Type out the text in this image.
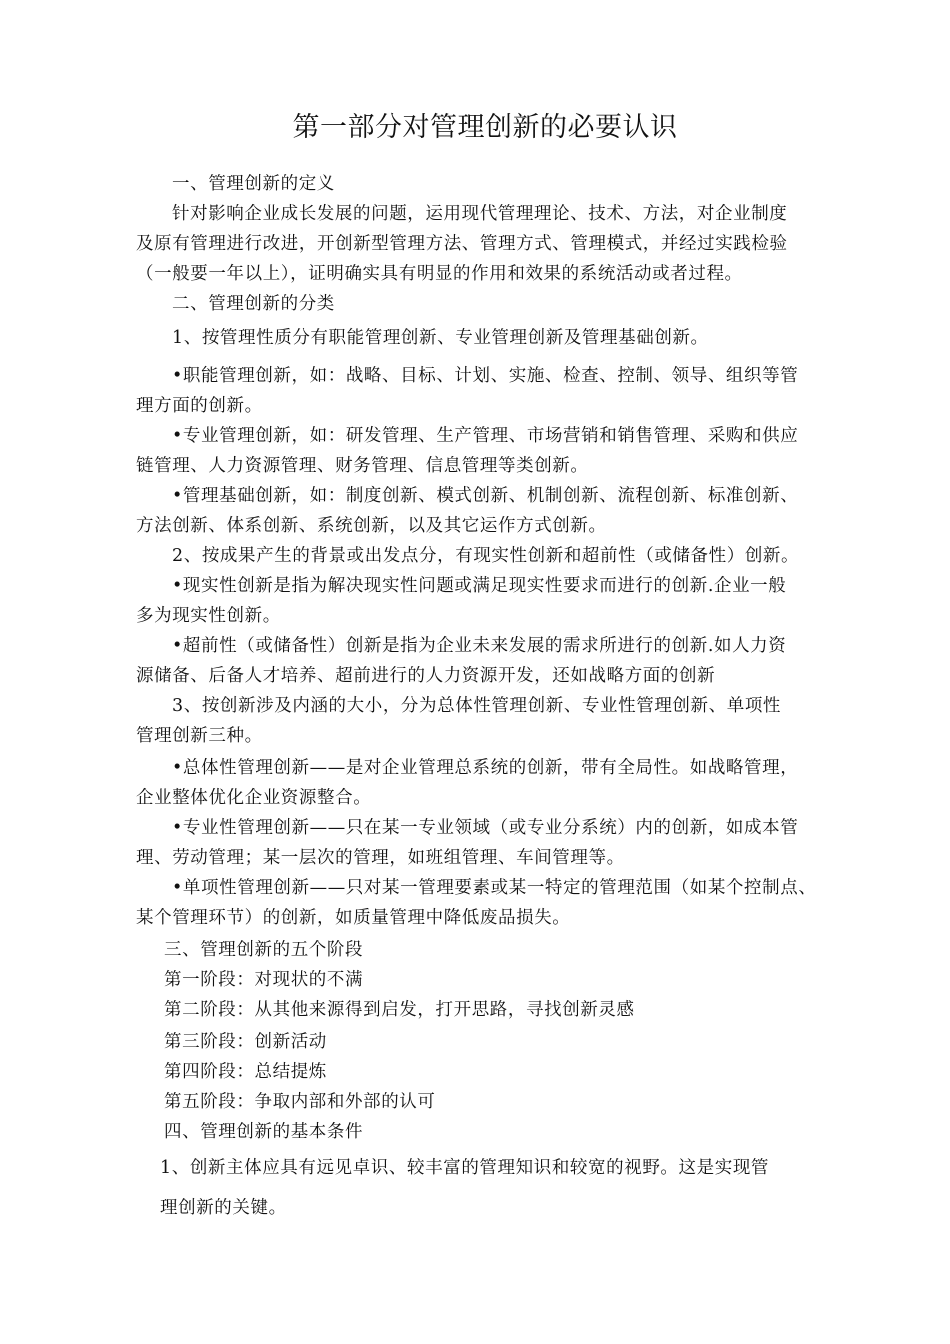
第一部分对管理创新的必要认识
一、管理创新的定义
针对影响企业成长发展的问题，运用现代管理理论、技术、方法，对企业制度
及原有管理进行改进，开创新型管理方法、管理方式、管理模式，并经过实践检验
（一般要一年以上），证明确实具有明显的作用和效果的系统活动或者过程。
二、管理创新的分类
1、按管理性质分有职能管理创新、专业管理创新及管理基础创新。
•职能管理创新，如：战略、目标、计划、实施、检查、控制、领导、组织等管
理方面的创新。
•专业管理创新，如：研发管理、生产管理、市场营销和销售管理、采购和供应
链管理、人力资源管理、财务管理、信息管理等类创新。
•管理基础创新，如：制度创新、模式创新、机制创新、流程创新、标准创新、
方法创新、体系创新、系统创新，以及其它运作方式创新。
2、按成果产生的背景或出发点分，有现实性创新和超前性（或储备性）创新。
•现实性创新是指为解决现实性问题或满足现实性要求而进行的创新.企业一般
多为现实性创新。
•超前性（或储备性）创新是指为企业未来发展的需求所进行的创新.如人力资
源储备、后备人才培养、超前进行的人力资源开发，还如战略方面的创新
3、按创新涉及内涵的大小，分为总体性管理创新、专业性管理创新、单项性
管理创新三种。
•总体性管理创新——是对企业管理总系统的创新，带有全局性。如战略管理，
企业整体优化企业资源整合。
•专业性管理创新——只在某一专业领域（或专业分系统）内的创新，如成本管
理、劳动管理；某一层次的管理，如班组管理、车间管理等。
•单项性管理创新——只对某一管理要素或某一特定的管理范围（如某个控制点、
某个管理环节）的创新，如质量管理中降低废品损失。
三、管理创新的五个阶段
第一阶段：对现状的不满
第二阶段：从其他来源得到启发，打开思路，寻找创新灵感
第三阶段：创新活动
第四阶段：总结提炼
第五阶段：争取内部和外部的认可
四、管理创新的基本条件
1、创新主体应具有远见卓识、较丰富的管理知识和较宽的视野。这是实现管
理创新的关键。
